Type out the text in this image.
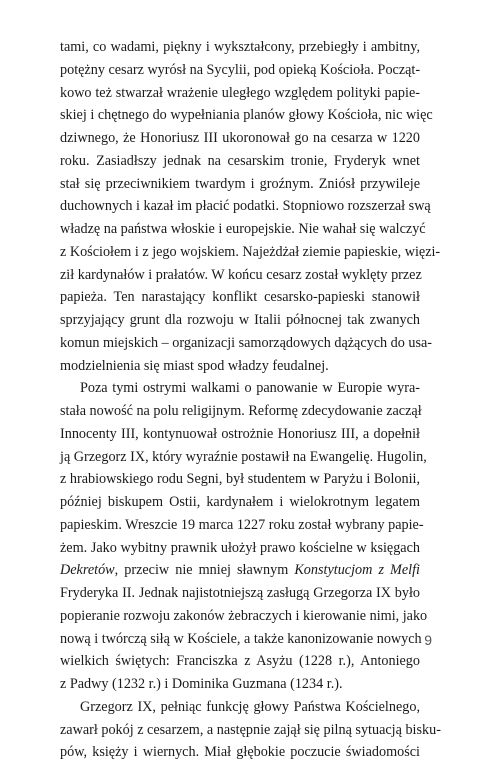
tami, co wadami, piękny i wykształcony, przebiegły i ambitny,
potężny cesarz wyrósł na Sycylii, pod opieką Kościoła. Począt-
kowo też stwarzał wrażenie uległego względem polityki papie-
skiej i chętnego do wypełniania planów głowy Kościoła, nic więc
dziwnego, że Honoriusz III ukoronował go na cesarza w 1220
roku. Zasiadłszy jednak na cesarskim tronie, Fryderyk wnet
stał się przeciwnikiem twardym i groźnym. Zniósł przywileje
duchownych i kazał im płacić podatki. Stopniowo rozszerzał swą
władzę na państwa włoskie i europejskie. Nie wahał się walczyć
z Kościołem i z jego wojskiem. Najeżdżał ziemie papieskie, więzi-
ził kardynałów i prałatów. W końcu cesarz został wyklęty przez
papieża. Ten narastający konflikt cesarsko-papieski stanowił
sprzyjający grunt dla rozwoju w Italii północnej tak zwanych
komun miejskich – organizacji samorządowych dążących do usa-
modzielnienia się miast spod władzy feudalnej.
Poza tymi ostrymi walkami o panowanie w Europie wyra-
stała nowość na polu religijnym. Reformę zdecydowanie zaczął
Innocenty III, kontynuował ostrożnie Honoriusz III, a dopełnił
ją Grzegorz IX, który wyraźnie postawił na Ewangelię. Hugolin,
z hrabiowskiego rodu Segni, był studentem w Paryżu i Bolonii,
później biskupem Ostii, kardynałem i wielokrotnym legatem
papieskim. Wreszcie 19 marca 1227 roku został wybrany papie-
żem. Jako wybitny prawnik ułożył prawo kościelne w księgach
Dekretów, przeciw nie mniej sławnym Konstytucjom z Melfi
Fryderyka II. Jednak najistotniejszą zasługą Grzegorza IX było
popieranie rozwoju zakonów żebraczych i kierowanie nimi, jako
nową i twórczą siłą w Kościele, a także kanonizowanie nowych
wielkich świętych: Franciszka z Asyżu (1228 r.), Antoniego
z Padwy (1232 r.) i Dominika Guzmana (1234 r.).
Grzegorz IX, pełniąc funkcję głowy Państwa Kościelnego,
zawarł pokój z cesarzem, a następnie zajął się pilną sytuacją bisku-
pów, księży i wiernych. Miał głębokie poczucie świadomości
9
